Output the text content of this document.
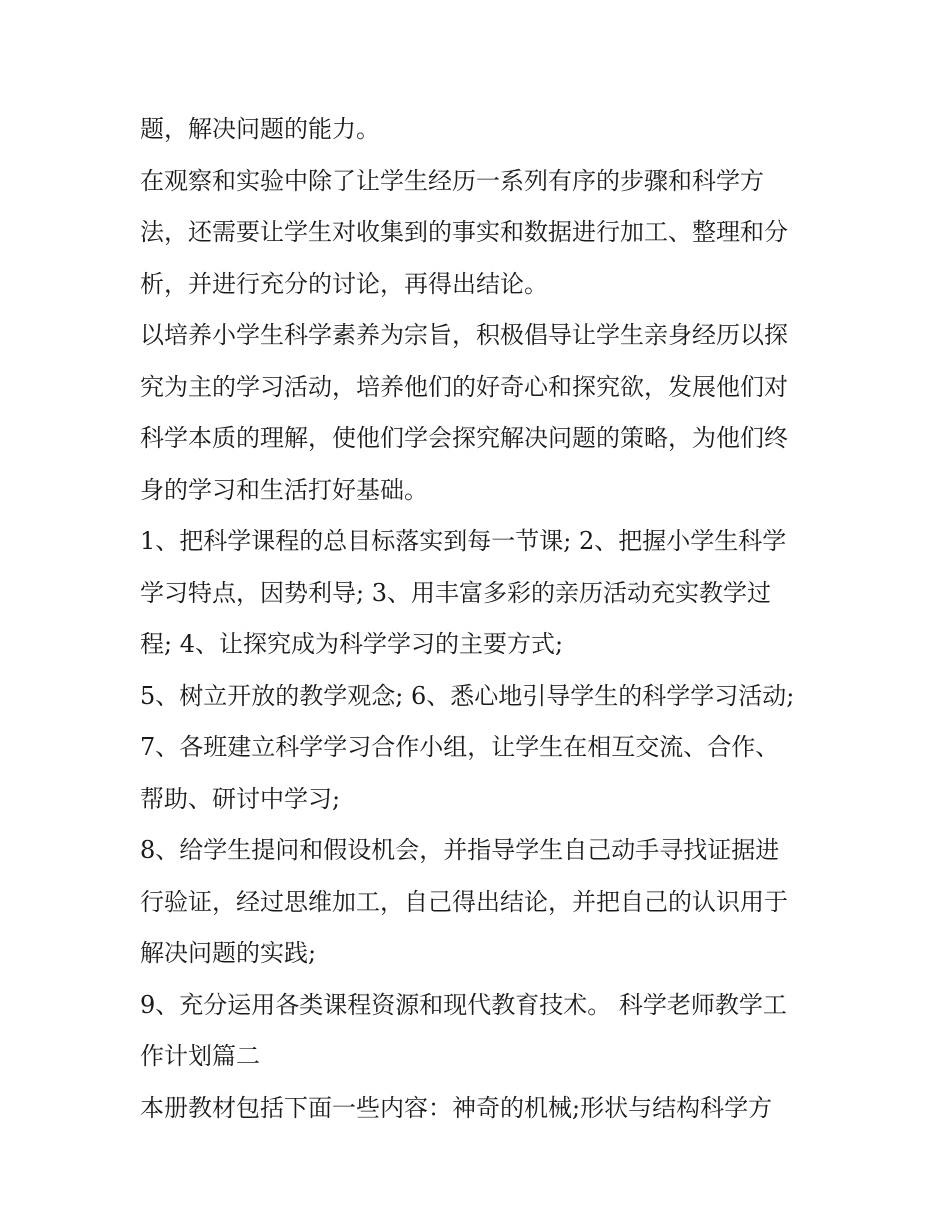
题，解决问题的能力。
在观察和实验中除了让学生经历一系列有序的步骤和科学方
法，还需要让学生对收集到的事实和数据进行加工、整理和分
析，并进行充分的讨论，再得出结论。
以培养小学生科学素养为宗旨，积极倡导让学生亲身经历以探
究为主的学习活动，培养他们的好奇心和探究欲，发展他们对
科学本质的理解，使他们学会探究解决问题的策略，为他们终
身的学习和生活打好基础。
1、把科学课程的总目标落实到每一节课; 2、把握小学生科学
学习特点，因势利导; 3、用丰富多彩的亲历活动充实教学过
程; 4、让探究成为科学学习的主要方式;
5、树立开放的教学观念; 6、悉心地引导学生的科学学习活动;
7、各班建立科学学习合作小组，让学生在相互交流、合作、
帮助、研讨中学习;
8、给学生提问和假设机会，并指导学生自己动手寻找证据进
行验证，经过思维加工，自己得出结论，并把自己的认识用于
解决问题的实践;
9、充分运用各类课程资源和现代教育技术。 科学老师教学工
作计划篇二
本册教材包括下面一些内容：神奇的机械;形状与结构科学方
